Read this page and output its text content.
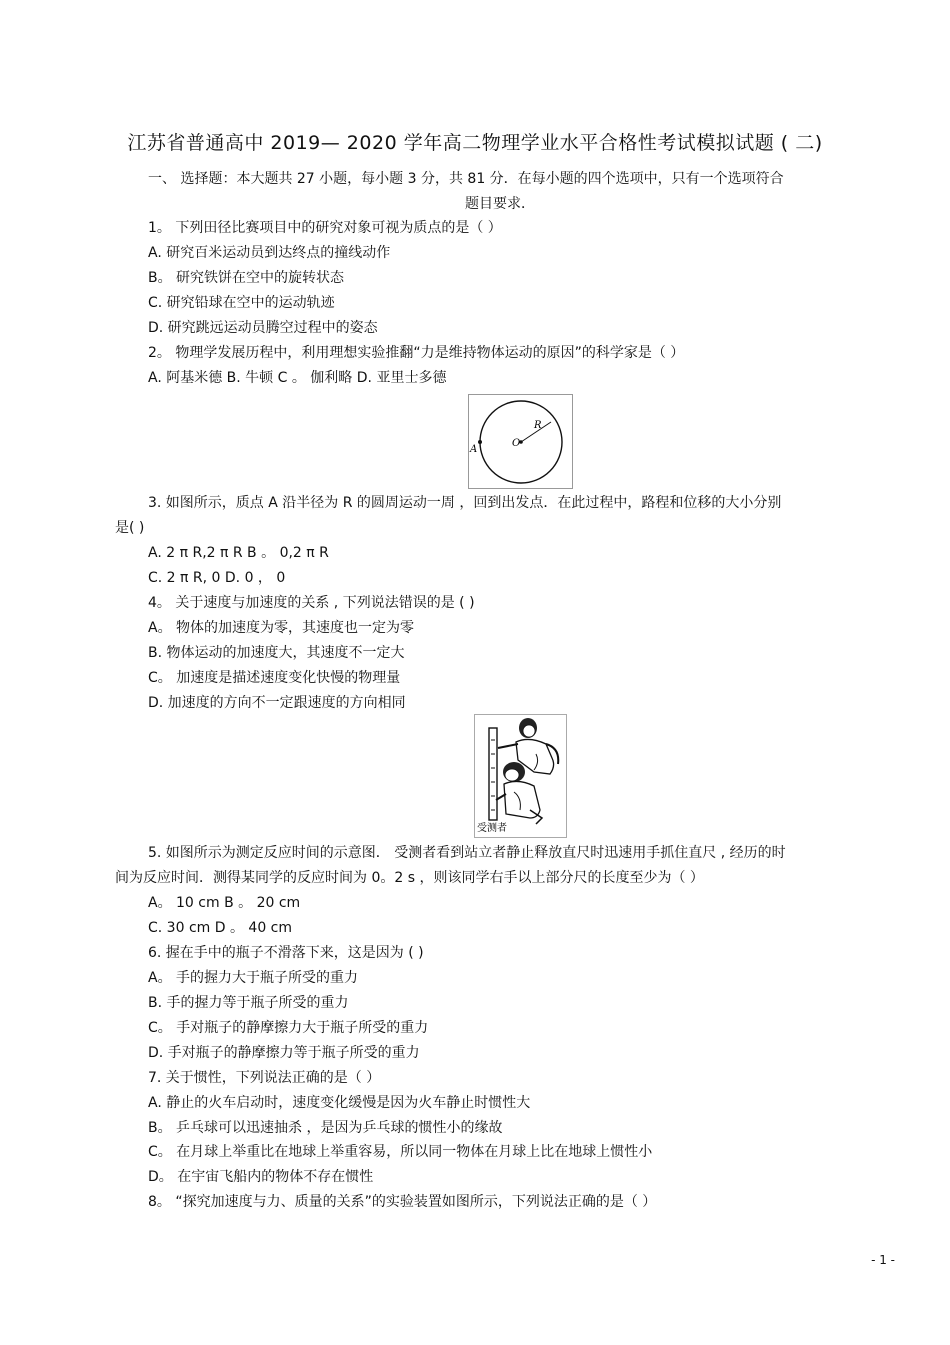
江苏省普通高中 2019— 2020 学年高二物理学业水平合格性考试模拟试题 ( 二)
一、 选择题：本大题共 27 小题，每小题 3 分，共 81 分．在每小题的四个选项中，只有一个选项符合
题目要求．
1。 下列田径比赛项目中的研究对象可视为质点的是（ ）
A. 研究百米运动员到达终点的撞线动作
B。 研究铁饼在空中的旋转状态
C. 研究铅球在空中的运动轨迹
D. 研究跳远运动员腾空过程中的姿态
2。 物理学发展历程中，利用理想实验推翻“力是维持物体运动的原因”的科学家是（ ）
A. 阿基米德 B. 牛顿 C 。 伽利略 D. 亚里士多德
O
R
A
3. 如图所示，质点 A 沿半径为 R 的圆周运动一周 ，回到出发点．在此过程中，路程和位移的大小分别
是( )
A. 2 π R,2 π R B 。 0,2 π R
C. 2 π R, 0 D. 0 ， 0
4。 关于速度与加速度的关系 , 下列说法错误的是 ( )
A。 物体的加速度为零，其速度也一定为零
B. 物体运动的加速度大，其速度不一定大
C。 加速度是描述速度变化快慢的物理量
D. 加速度的方向不一定跟速度的方向相同
受测者
5. 如图所示为测定反应时间的示意图． 受测者看到站立者静止释放直尺时迅速用手抓住直尺 , 经历的时
间为反应时间．测得某同学的反应时间为 0。2 s ，则该同学右手以上部分尺的长度至少为（ ）
A。 10 cm B 。 20 cm
C. 30 cm D 。 40 cm
6. 握在手中的瓶子不滑落下来，这是因为 ( )
A。 手的握力大于瓶子所受的重力
B. 手的握力等于瓶子所受的重力
C。 手对瓶子的静摩擦力大于瓶子所受的重力
D. 手对瓶子的静摩擦力等于瓶子所受的重力
7. 关于惯性，下列说法正确的是（ ）
A. 静止的火车启动时，速度变化缓慢是因为火车静止时惯性大
B。 乒乓球可以迅速抽杀 ，是因为乒乓球的惯性小的缘故
C。 在月球上举重比在地球上举重容易，所以同一物体在月球上比在地球上惯性小
D。 在宇宙飞船内的物体不存在惯性
8。 “探究加速度与力、质量的关系”的实验装置如图所示，下列说法正确的是（ ）
- 1 -
